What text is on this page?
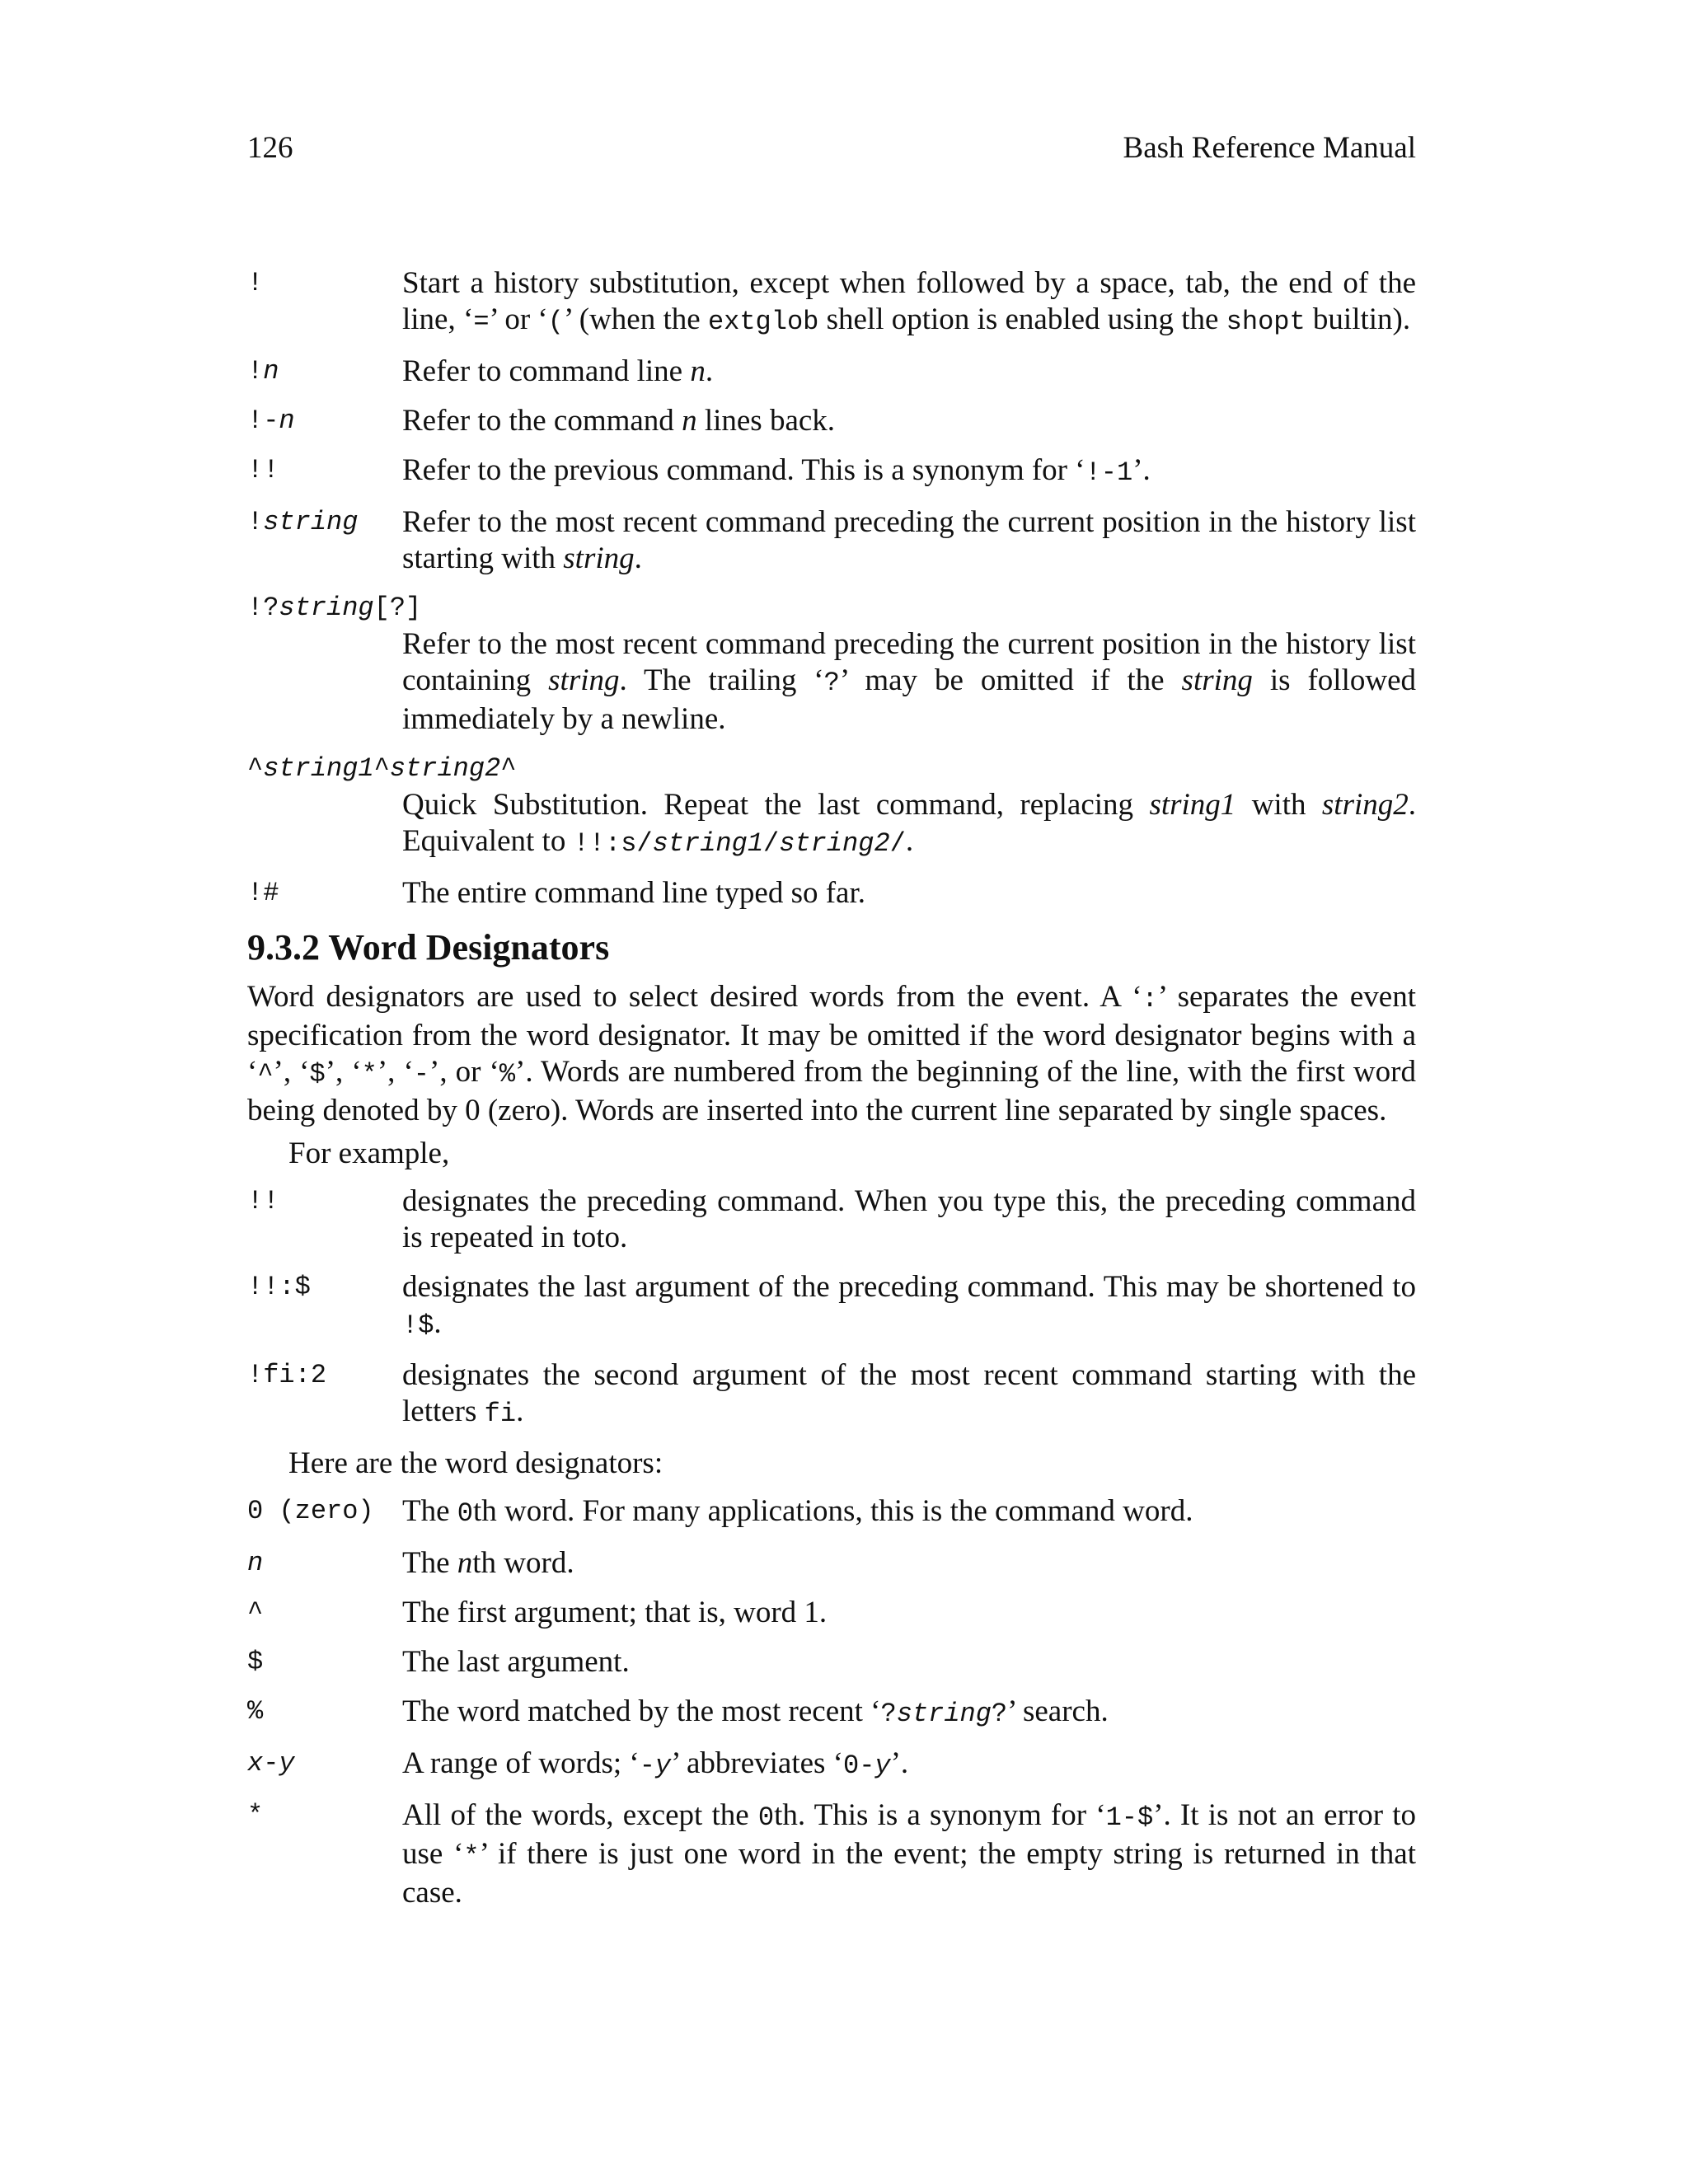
126	Bash Reference Manual
!	Start a history substitution, except when followed by a space, tab, the end of the line, ‘=’ or ‘(’ (when the extglob shell option is enabled using the shopt builtin).
!n	Refer to command line n.
!-n	Refer to the command n lines back.
!!	Refer to the previous command. This is a synonym for ‘!-1’.
!string	Refer to the most recent command preceding the current position in the history list starting with string.
!?string[?]
Refer to the most recent command preceding the current position in the history list containing string. The trailing ‘?’ may be omitted if the string is followed immediately by a newline.
^string1^string2^
Quick Substitution. Repeat the last command, replacing string1 with string2. Equivalent to !!:s/string1/string2/.
!#	The entire command line typed so far.
9.3.2 Word Designators
Word designators are used to select desired words from the event. A ‘:’ separates the event specification from the word designator. It may be omitted if the word designator begins with a ‘^’, ‘$’, ‘*’, ‘-’, or ‘%’. Words are numbered from the beginning of the line, with the first word being denoted by 0 (zero). Words are inserted into the current line separated by single spaces.
For example,
!!	designates the preceding command. When you type this, the preceding command is repeated in toto.
!!:$	designates the last argument of the preceding command. This may be shortened to !$.
!fi:2	designates the second argument of the most recent command starting with the letters fi.
Here are the word designators:
0 (zero) The 0th word. For many applications, this is the command word.
n	The nth word.
^	The first argument; that is, word 1.
$	The last argument.
%	The word matched by the most recent ‘?string?’ search.
x-y	A range of words; ‘-y’ abbreviates ‘0-y’.
*	All of the words, except the 0th. This is a synonym for ‘1-$’. It is not an error to use ‘*’ if there is just one word in the event; the empty string is returned in that case.
